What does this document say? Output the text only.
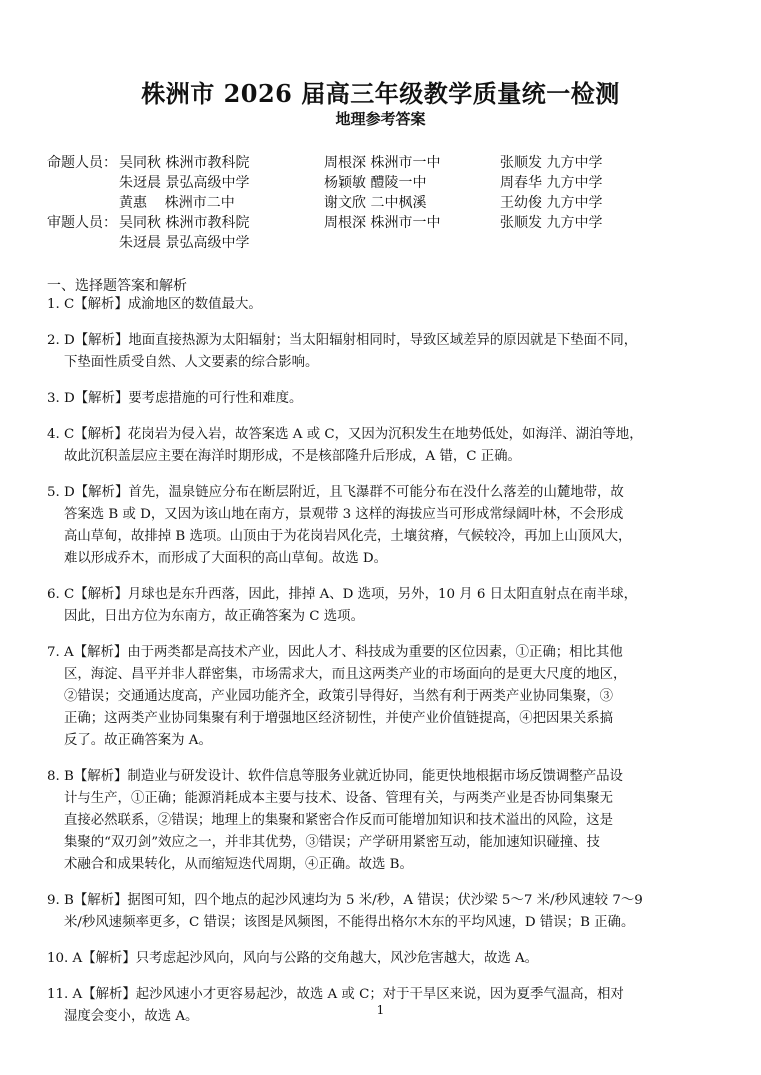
株洲市 2026 届高三年级教学质量统一检测
地理参考答案
命题人员： 吴同秋 株洲市教科院	周根深 株洲市一中	张顺发 九方中学
朱迓晨 景弘高级中学	杨颖敏 醴陵一中	周春华 九方中学
黄惠    株洲市二中	谢文欣 二中枫溪	王幼俊 九方中学
审题人员： 吴同秋 株洲市教科院	周根深 株洲市一中	张顺发 九方中学
朱迓晨 景弘高级中学
一、选择题答案和解析
1. C【解析】成渝地区的数值最大。
2. D【解析】地面直接热源为太阳辐射；当太阳辐射相同时，导致区域差异的原因就是下垫面不同，
下垫面性质受自然、人文要素的综合影响。
3. D【解析】要考虑措施的可行性和难度。
4. C【解析】花岗岩为侵入岩，故答案选 A 或 C，又因为沉积发生在地势低处，如海洋、湖泊等地，
故此沉积盖层应主要在海洋时期形成，不是核部隆升后形成，A 错，C 正确。
5. D【解析】首先，温泉链应分布在断层附近，且飞瀑群不可能分布在没什么落差的山麓地带，故
答案选 B 或 D，又因为该山地在南方，景观带 3 这样的海拔应当可形成常绿阔叶林，不会形成
高山草甸，故排掉 B 选项。山顶由于为花岗岩风化壳，土壤贫瘠，气候较冷，再加上山顶风大，
难以形成乔木，而形成了大面积的高山草甸。故选 D。
6. C【解析】月球也是东升西落，因此，排掉 A、D 选项，另外，10 月 6 日太阳直射点在南半球，
因此，日出方位为东南方，故正确答案为 C 选项。
7. A【解析】由于两类都是高技术产业，因此人才、科技成为重要的区位因素，①正确；相比其他
区，海淀、昌平并非人群密集，市场需求大，而且这两类产业的市场面向的是更大尺度的地区，
②错误；交通通达度高，产业园功能齐全，政策引导得好，当然有利于两类产业协同集聚，③
正确；这两类产业协同集聚有利于增强地区经济韧性，并使产业价值链提高，④把因果关系搞
反了。故正确答案为 A。
8. B【解析】制造业与研发设计、软件信息等服务业就近协同，能更快地根据市场反馈调整产品设
计与生产，①正确；能源消耗成本主要与技术、设备、管理有关，与两类产业是否协同集聚无
直接必然联系，②错误；地理上的集聚和紧密合作反而可能增加知识和技术溢出的风险，这是
集聚的“双刃剑”效应之一，并非其优势，③错误；产学研用紧密互动，能加速知识碰撞、技
术融合和成果转化，从而缩短迭代周期，④正确。故选 B。
9. B【解析】据图可知，四个地点的起沙风速均为 5 米/秒，A 错误；伏沙梁 5～7 米/秒风速较 7～9
米/秒风速频率更多，C 错误；该图是风频图，不能得出格尔木东的平均风速，D 错误；B 正确。
10. A【解析】只考虑起沙风向，风向与公路的交角越大，风沙危害越大，故选 A。
11. A【解析】起沙风速小才更容易起沙，故选 A 或 C；对于干旱区来说，因为夏季气温高，相对
湿度会变小，故选 A。	1
